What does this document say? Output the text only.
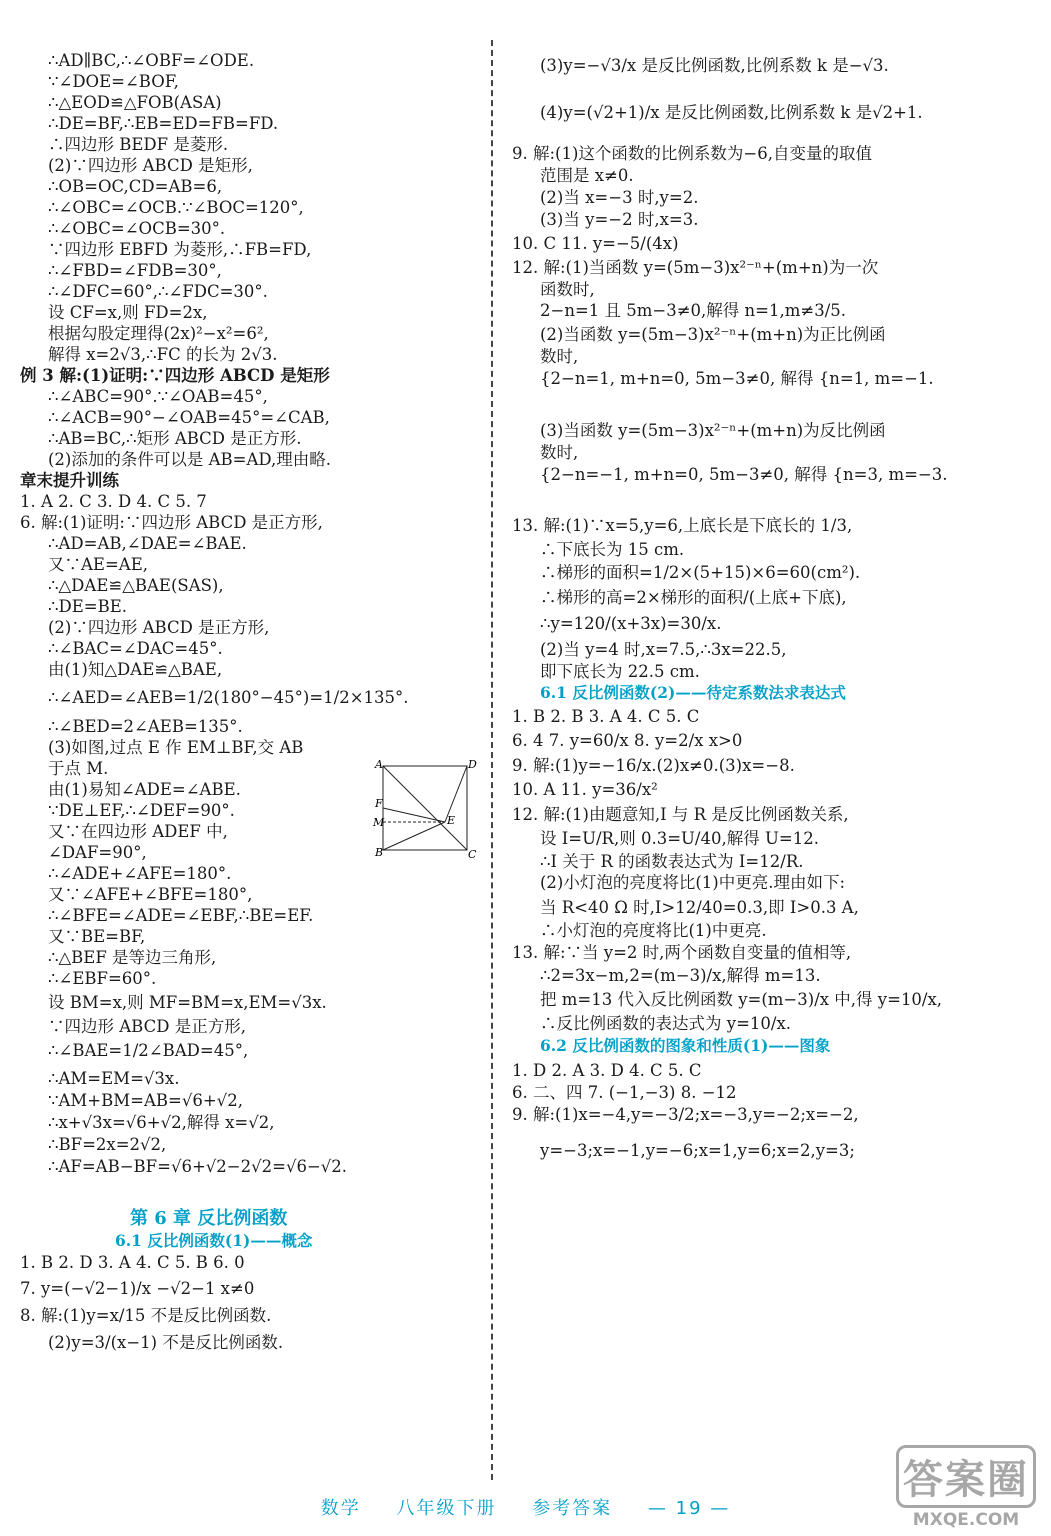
∴AD∥BC,∴∠OBF=∠ODE.
∵∠DOE=∠BOF,
∴△EOD≌△FOB(ASA)
∴DE=BF,∴EB=ED=FB=FD.
∴四边形 BEDF 是菱形.
(2)∵四边形 ABCD 是矩形,
∴OB=OC,CD=AB=6,
∴∠OBC=∠OCB.∵∠BOC=120°,
∴∠OBC=∠OCB=30°.
∵四边形 EBFD 为菱形,∴FB=FD,
∴∠FBD=∠FDB=30°,
∴∠DFC=60°,∴∠FDC=30°.
设 CF=x,则 FD=2x,
根据勾股定理得(2x)²−x²=6²,
解得 x=2√3,∴FC 的长为 2√3.
例 3 解:(1)证明:∵四边形 ABCD 是矩形
∴∠ABC=90°.∵∠OAB=45°,
∴∠ACB=90°−∠OAB=45°=∠CAB,
∴AB=BC,∴矩形 ABCD 是正方形.
(2)添加的条件可以是 AB=AD,理由略.
章末提升训练
1. A 2. C 3. D 4. C 5. 7
6. 解:(1)证明:∵四边形 ABCD 是正方形,
∴AD=AB,∠DAE=∠BAE.
又∵AE=AE,
∴△DAE≌△BAE(SAS),
∴DE=BE.
(2)∵四边形 ABCD 是正方形,
∴∠BAC=∠DAC=45°.
由(1)知△DAE≌△BAE,
∴∠AED=∠AEB=1/2(180°−45°)=1/2×135°.
∴∠BED=2∠AEB=135°.
(3)如图,过点 E 作 EM⊥BF,交 AB
于点 M.
由(1)易知∠ADE=∠ABE.
∵DE⊥EF,∴∠DEF=90°.
又∵在四边形 ADEF 中,
∠DAF=90°,
∴∠ADE+∠AFE=180°.
又∵∠AFE+∠BFE=180°,
∴∠BFE=∠ADE=∠EBF,∴BE=EF.
又∵BE=BF,
∴△BEF 是等边三角形,
∴∠EBF=60°.
设 BM=x,则 MF=BM=x,EM=√3x.
∵四边形 ABCD 是正方形,
∴∠BAE=1/2∠BAD=45°,
∴AM=EM=√3x.
∵AM+BM=AB=√6+√2,
∴x+√3x=√6+√2,解得 x=√2,
∴BF=2x=2√2,
∴AF=AB−BF=√6+√2−2√2=√6−√2.
第 6 章 反比例函数
6.1 反比例函数(1)——概念
1. B 2. D 3. A 4. C 5. B 6. 0
7. y=(−√2−1)/x −√2−1 x≠0
8. 解:(1)y=x/15 不是反比例函数.
(2)y=3/(x−1) 不是反比例函数.
(3)y=−√3/x 是反比例函数,比例系数 k 是−√3.
(4)y=(√2+1)/x 是反比例函数,比例系数 k 是√2+1.
9. 解:(1)这个函数的比例系数为−6,自变量的取值
范围是 x≠0.
(2)当 x=−3 时,y=2.
(3)当 y=−2 时,x=3.
10. C 11. y=−5/(4x)
12. 解:(1)当函数 y=(5m−3)x²⁻ⁿ+(m+n)为一次
函数时,
2−n=1 且 5m−3≠0,解得 n=1,m≠3/5.
(2)当函数 y=(5m−3)x²⁻ⁿ+(m+n)为正比例函
数时,
{2−n=1, m+n=0, 5m−3≠0, 解得 {n=1, m=−1.
(3)当函数 y=(5m−3)x²⁻ⁿ+(m+n)为反比例函
数时,
{2−n=−1, m+n=0, 5m−3≠0, 解得 {n=3, m=−3.
13. 解:(1)∵x=5,y=6,上底长是下底长的 1/3,
∴下底长为 15 cm.
∴梯形的面积=1/2×(5+15)×6=60(cm²).
∴梯形的高=2×梯形的面积/(上底+下底),
∴y=120/(x+3x)=30/x.
(2)当 y=4 时,x=7.5,∴3x=22.5,
即下底长为 22.5 cm.
6.1 反比例函数(2)——待定系数法求表达式
1. B 2. B 3. A 4. C 5. C
6. 4 7. y=60/x 8. y=2/x x>0
9. 解:(1)y=−16/x.(2)x≠0.(3)x=−8.
10. A 11. y=36/x²
12. 解:(1)由题意知,I 与 R 是反比例函数关系,
设 I=U/R,则 0.3=U/40,解得 U=12.
∴I 关于 R 的函数表达式为 I=12/R.
(2)小灯泡的亮度将比(1)中更亮.理由如下:
当 R<40 Ω 时,I>12/40=0.3,即 I>0.3 A,
∴小灯泡的亮度将比(1)中更亮.
13. 解:∵当 y=2 时,两个函数自变量的值相等,
∴2=3x−m,2=(m−3)/x,解得 m=13.
把 m=13 代入反比例函数 y=(m−3)/x 中,得 y=10/x,
∴反比例函数的表达式为 y=10/x.
6.2 反比例函数的图象和性质(1)——图象
1. D 2. A 3. D 4. C 5. C
6. 二、四 7. (−1,−3) 8. −12
9. 解:(1)x=−4,y=−3/2;x=−3,y=−2;x=−2,
y=−3;x=−1,y=−6;x=1,y=6;x=2,y=3;
A	D
F
E
M
B	C
数学 八年级下册 参考答案 — 19 —
答案圈
MXQE.COM
